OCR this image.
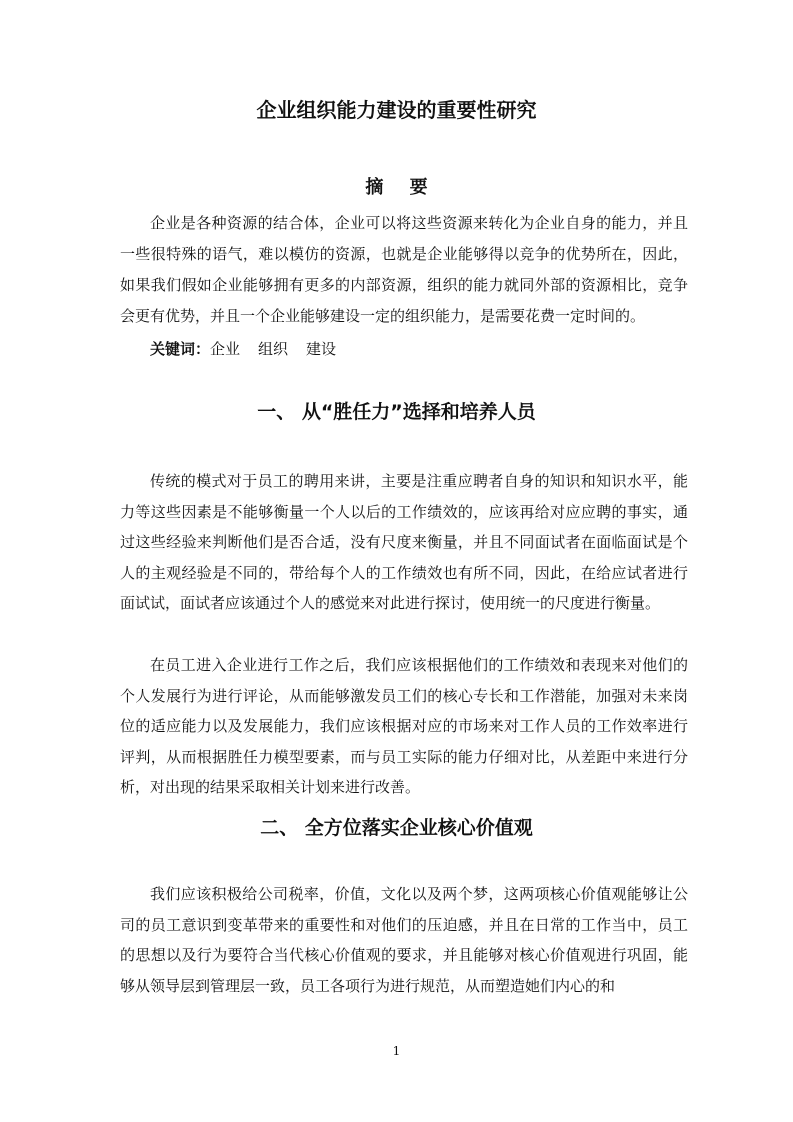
企业组织能力建设的重要性研究
摘 要

企业是各种资源的结合体，企业可以将这些资源来转化为企业自身的能力，并且一些很特殊的语气，难以模仿的资源，也就是企业能够得以竞争的优势所在，因此，如果我们假如企业能够拥有更多的内部资源，组织的能力就同外部的资源相比，竞争会更有优势，并且一个企业能够建设一定的组织能力，是需要花费一定时间的。

关键词：企业 组织 建设

一、 从“胜任力”选择和培养人员

传统的模式对于员工的聘用来讲，主要是注重应聘者自身的知识和知识水平，能力等这些因素是不能够衡量一个人以后的工作绩效的，应该再给对应应聘的事实，通过这些经验来判断他们是否合适，没有尺度来衡量，并且不同面试者在面临面试是个人的主观经验是不同的，带给每个人的工作绩效也有所不同，因此，在给应试者进行面试试，面试者应该通过个人的感觉来对此进行探讨，使用统一的尺度进行衡量。

在员工进入企业进行工作之后，我们应该根据他们的工作绩效和表现来对他们的个人发展行为进行评论，从而能够激发员工们的核心专长和工作潜能，加强对未来岗位的适应能力以及发展能力，我们应该根据对应的市场来对工作人员的工作效率进行评判，从而根据胜任力模型要素，而与员工实际的能力仔细对比，从差距中来进行分析，对出现的结果采取相关计划来进行改善。

二、 全方位落实企业核心价值观

我们应该积极给公司税率，价值，文化以及两个梦，这两项核心价值观能够让公司的员工意识到变革带来的重要性和对他们的压迫感，并且在日常的工作当中，员工的思想以及行为要符合当代核心价值观的要求，并且能够对核心价值观进行巩固，能够从领导层到管理层一致，员工各项行为进行规范，从而塑造她们内心的和

1
